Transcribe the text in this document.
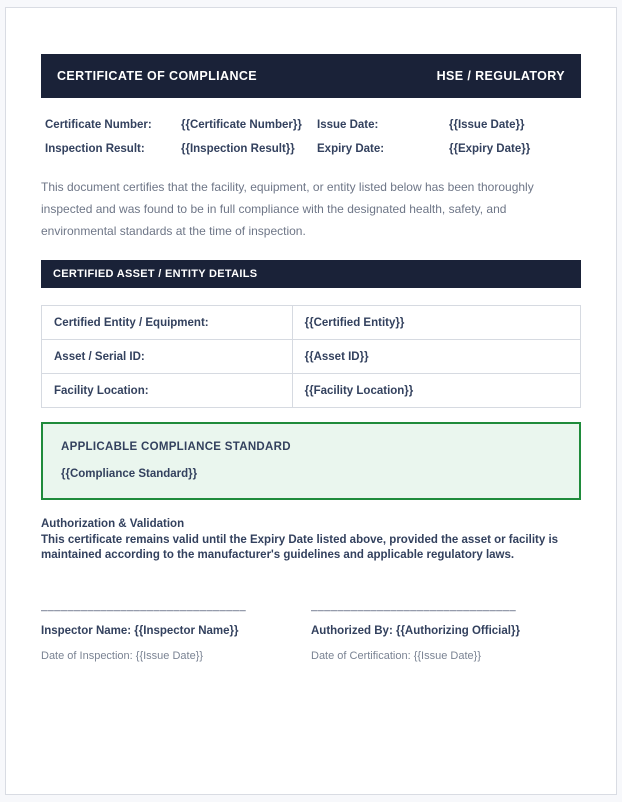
CERTIFICATE OF COMPLIANCE	HSE / REGULATORY
Certificate Number:	{{Certificate Number}}	Issue Date:	{{Issue Date}}
Inspection Result:	{{Inspection Result}}	Expiry Date:	{{Expiry Date}}

This document certifies that the facility, equipment, or entity listed below has been thoroughly inspected and was found to be in full compliance with the designated health, safety, and environmental standards at the time of inspection.

CERTIFIED ASSET / ENTITY DETAILS
Certified Entity / Equipment:	{{Certified Entity}}
Asset / Serial ID:	{{Asset ID}}
Facility Location:	{{Facility Location}}
APPLICABLE COMPLIANCE STANDARD
{{Compliance Standard}}
Authorization & Validation
This certificate remains valid until the Expiry Date listed above, provided the asset or facility is maintained according to the manufacturer's guidelines and applicable regulatory laws.
_______________________________
Inspector Name: {{Inspector Name}}
Date of Inspection: {{Issue Date}}
_______________________________
Authorized By: {{Authorizing Official}}
Date of Certification: {{Issue Date}}
